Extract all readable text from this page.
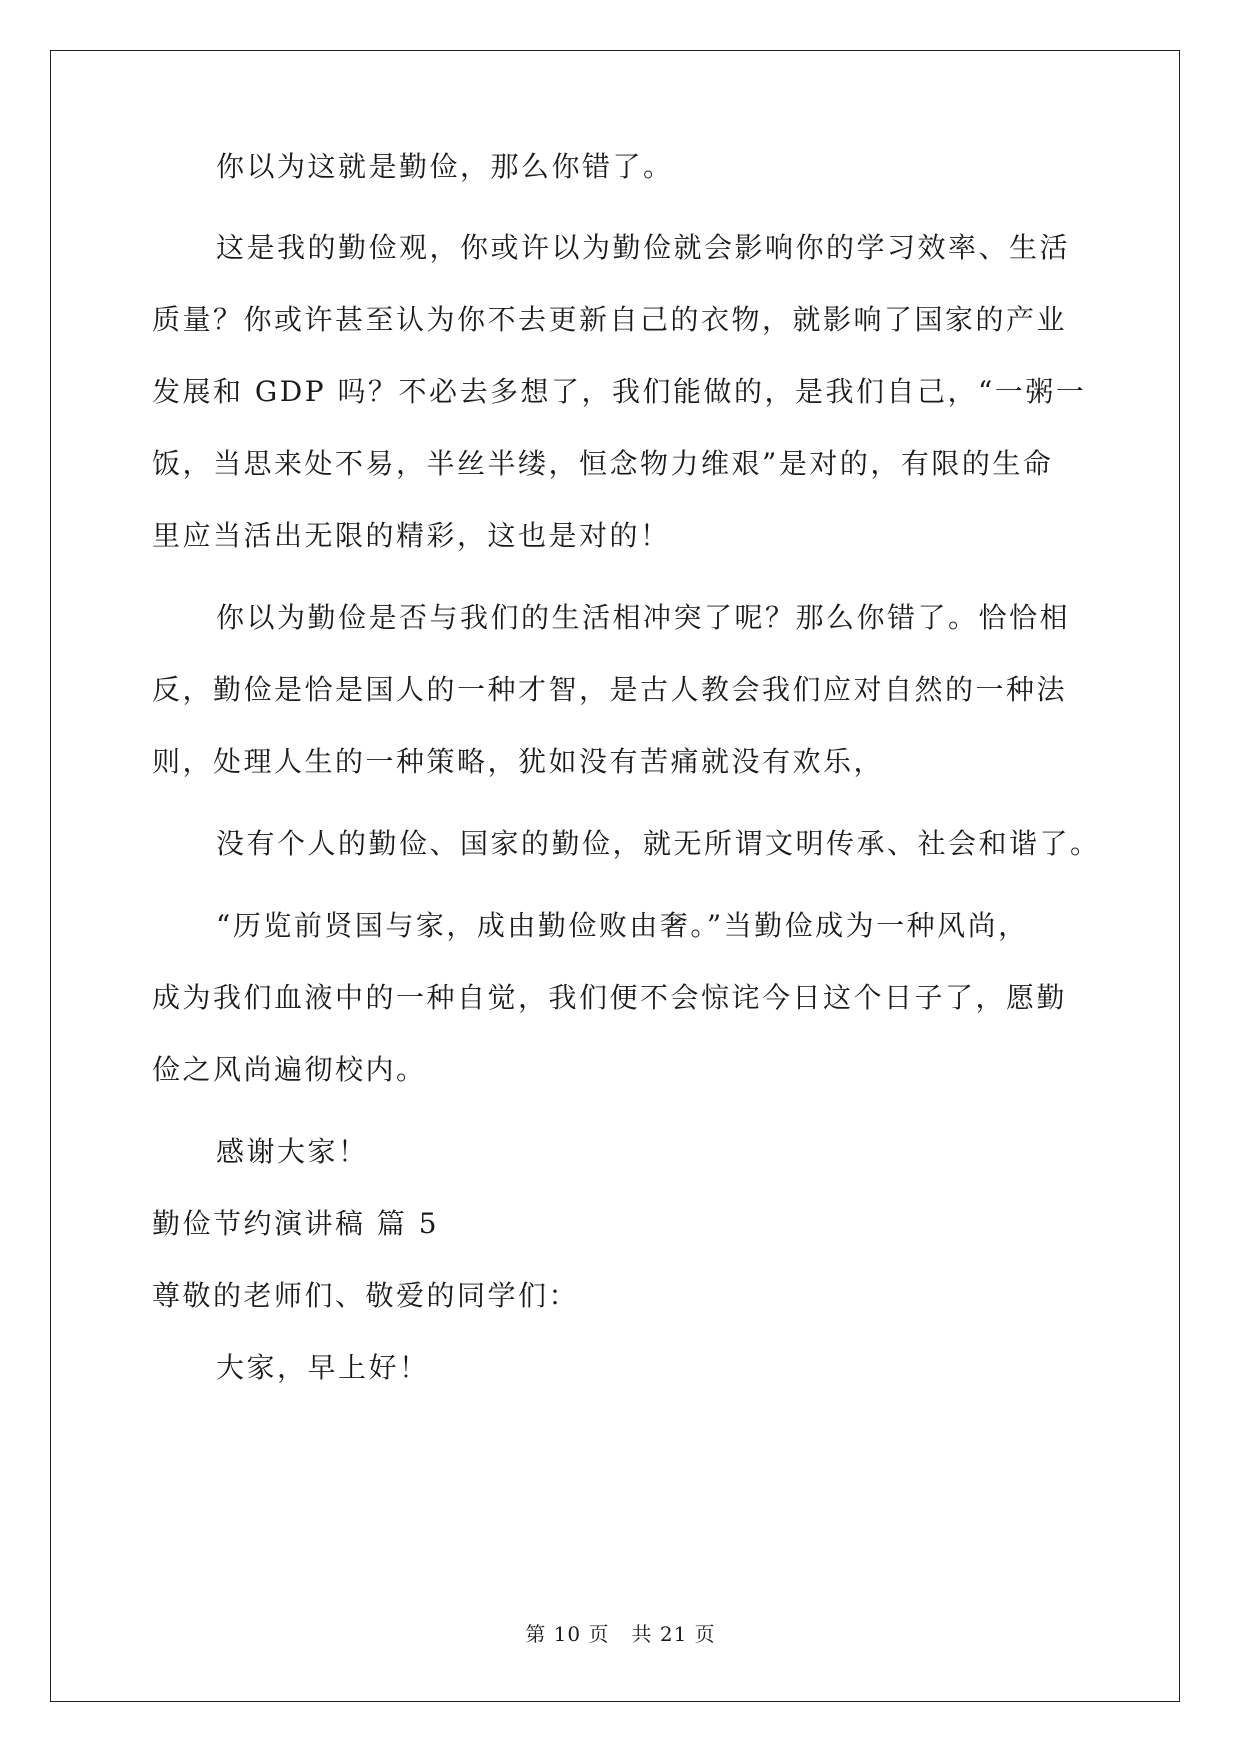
你以为这就是勤俭，那么你错了。
这是我的勤俭观，你或许以为勤俭就会影响你的学习效率、生活
质量？你或许甚至认为你不去更新自己的衣物，就影响了国家的产业
发展和 GDP 吗？不必去多想了，我们能做的，是我们自己，“一粥一
饭，当思来处不易，半丝半缕，恒念物力维艰”是对的，有限的生命
里应当活出无限的精彩，这也是对的！
你以为勤俭是否与我们的生活相冲突了呢？那么你错了。恰恰相
反，勤俭是恰是国人的一种才智，是古人教会我们应对自然的一种法
则，处理人生的一种策略，犹如没有苦痛就没有欢乐，
没有个人的勤俭、国家的勤俭，就无所谓文明传承、社会和谐了。
“历览前贤国与家，成由勤俭败由奢。”当勤俭成为一种风尚，
成为我们血液中的一种自觉，我们便不会惊诧今日这个日子了，愿勤
俭之风尚遍彻校内。
感谢大家！
勤俭节约演讲稿 篇 5
尊敬的老师们、敬爱的同学们：
大家，早上好！
第 10 页 共 21 页
